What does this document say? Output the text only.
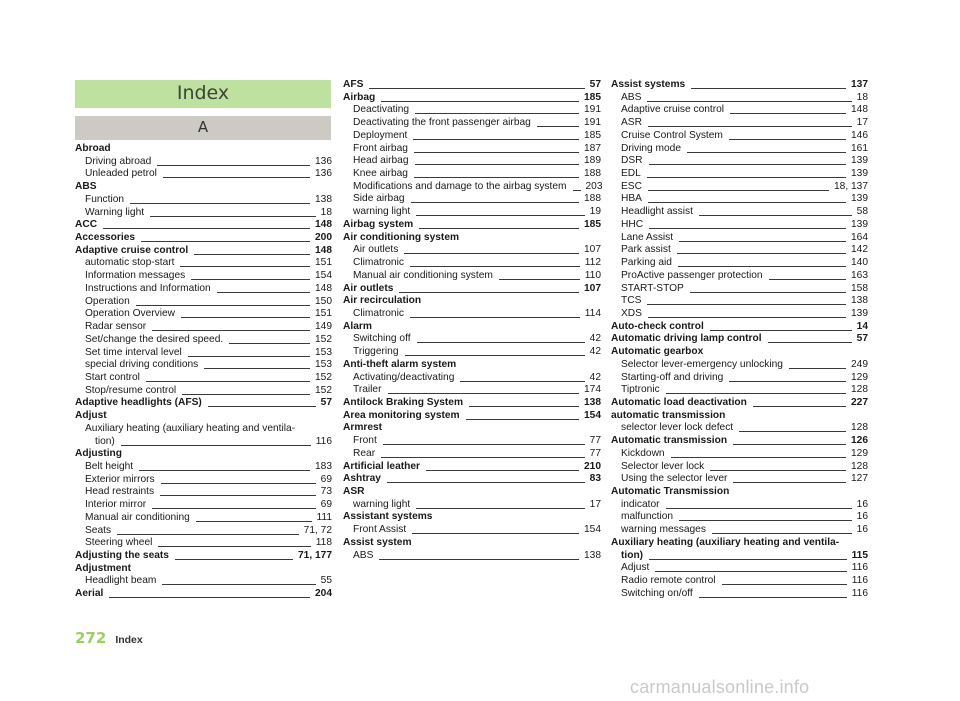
Index
A
Abroad
Driving abroad	136
Unleaded petrol	136
ABS
Function	138
Warning light	18
ACC	148
Accessories	200
Adaptive cruise control	148
automatic stop-start	151
Information messages	154
Instructions and Information	148
Operation	150
Operation Overview	151
Radar sensor	149
Set/change the desired speed.	152
Set time interval level	153
special driving conditions	153
Start control	152
Stop/resume control	152
Adaptive headlights (AFS)	57
Adjust
Auxiliary heating (auxiliary heating and ventila-
tion)	116
Adjusting
Belt height	183
Exterior mirrors	69
Head restraints	73
Interior mirror	69
Manual air conditioning	111
Seats	71, 72
Steering wheel	118
Adjusting the seats	71, 177
Adjustment
Headlight beam	55
Aerial	204
AFS	57
Airbag	185
Deactivating	191
Deactivating the front passenger airbag	191
Deployment	185
Front airbag	187
Head airbag	189
Knee airbag	188
Modifications and damage to the airbag system 203
Side airbag	188
warning light	19
Airbag system	185
Air conditioning system
Air outlets	107
Climatronic	112
Manual air conditioning system	110
Air outlets	107
Air recirculation
Climatronic	114
Alarm
Switching off	42
Triggering	42
Anti-theft alarm system
Activating/deactivating	42
Trailer	174
Antilock Braking System	138
Area monitoring system	154
Armrest
Front	77
Rear	77
Artificial leather	210
Ashtray	83
ASR
warning light	17
Assistant systems
Front Assist	154
Assist system
ABS	138
Assist systems	137
ABS	18
Adaptive cruise control	148
ASR	17
Cruise Control System	146
Driving mode	161
DSR	139
EDL	139
ESC	18, 137
HBA	139
Headlight assist	58
HHC	139
Lane Assist	164
Park assist	142
Parking aid	140
ProActive passenger protection	163
START-STOP	158
TCS	138
XDS	139
Auto-check control	14
Automatic driving lamp control	57
Automatic gearbox
Selector lever-emergency unlocking	249
Starting-off and driving	129
Tiptronic	128
Automatic load deactivation	227
automatic transmission
selector lever lock defect	128
Automatic transmission	126
Kickdown	129
Selector lever lock	128
Using the selector lever	127
Automatic Transmission
indicator	16
malfunction	16
warning messages	16
Auxiliary heating (auxiliary heating and ventila-
tion)	115
Adjust	116
Radio remote control	116
Switching on/off	116
272 Index
carmanualsonline.info
